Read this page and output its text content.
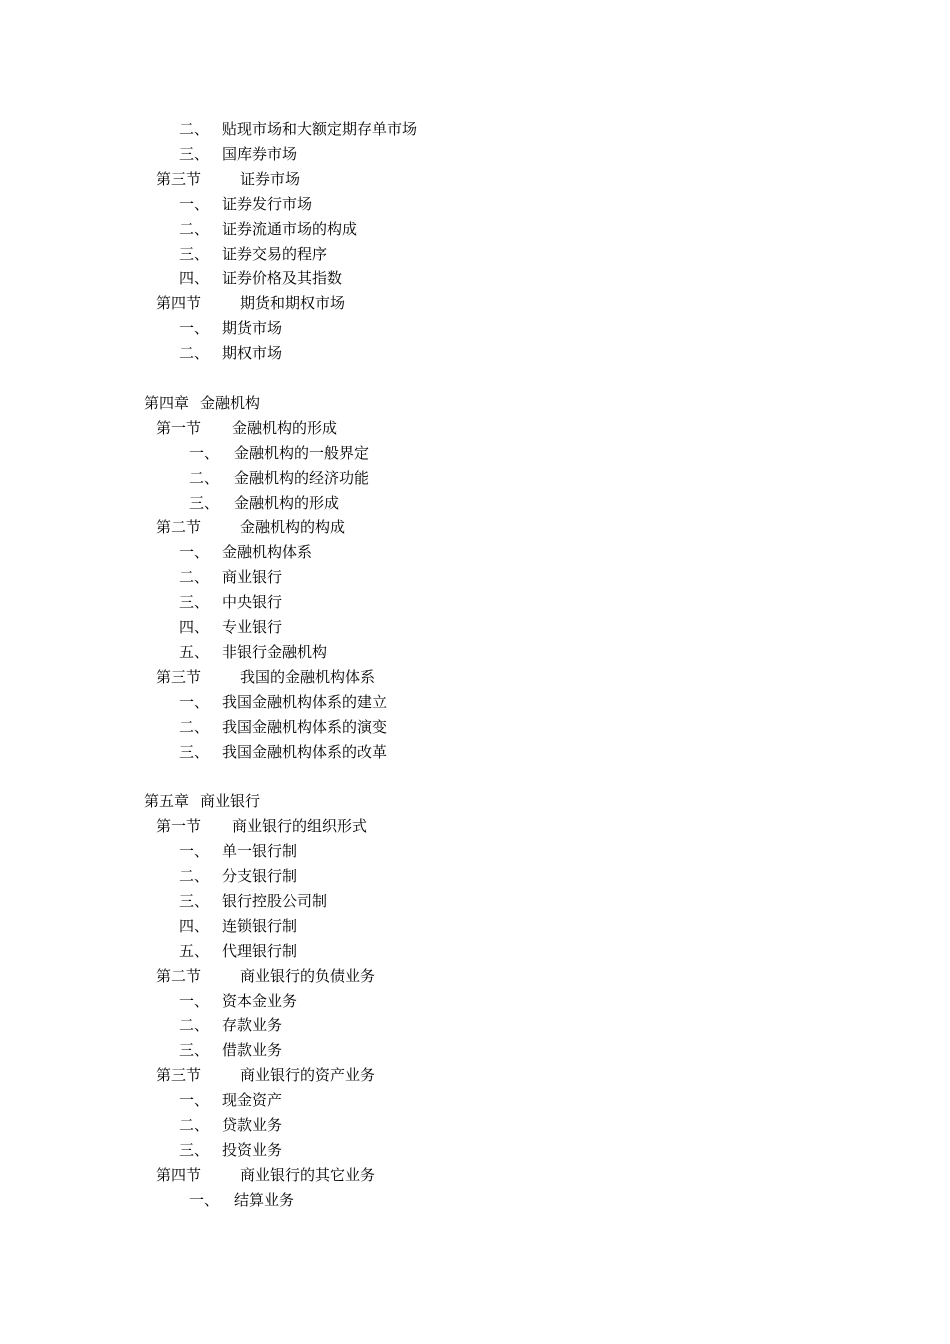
二、 贴现市场和大额定期存单市场
三、 国库券市场
第三节	证券市场
一、 证券发行市场
二、 证券流通市场的构成
三、 证券交易的程序
四、 证券价格及其指数
第四节	期货和期权市场
一、 期货市场
二、 期权市场
第四章 金融机构
第一节 金融机构的形成
一、 金融机构的一般界定
二、 金融机构的经济功能
三、 金融机构的形成
第二节	金融机构的构成
一、 金融机构体系
二、 商业银行
三、 中央银行
四、 专业银行
五、 非银行金融机构
第三节	我国的金融机构体系
一、 我国金融机构体系的建立
二、 我国金融机构体系的演变
三、 我国金融机构体系的改革
第五章 商业银行
第一节 商业银行的组织形式
一、 单一银行制
二、 分支银行制
三、 银行控股公司制
四、 连锁银行制
五、 代理银行制
第二节	商业银行的负债业务
一、 资本金业务
二、 存款业务
三、 借款业务
第三节	商业银行的资产业务
一、 现金资产
二、 贷款业务
三、 投资业务
第四节	商业银行的其它业务
一、 结算业务
